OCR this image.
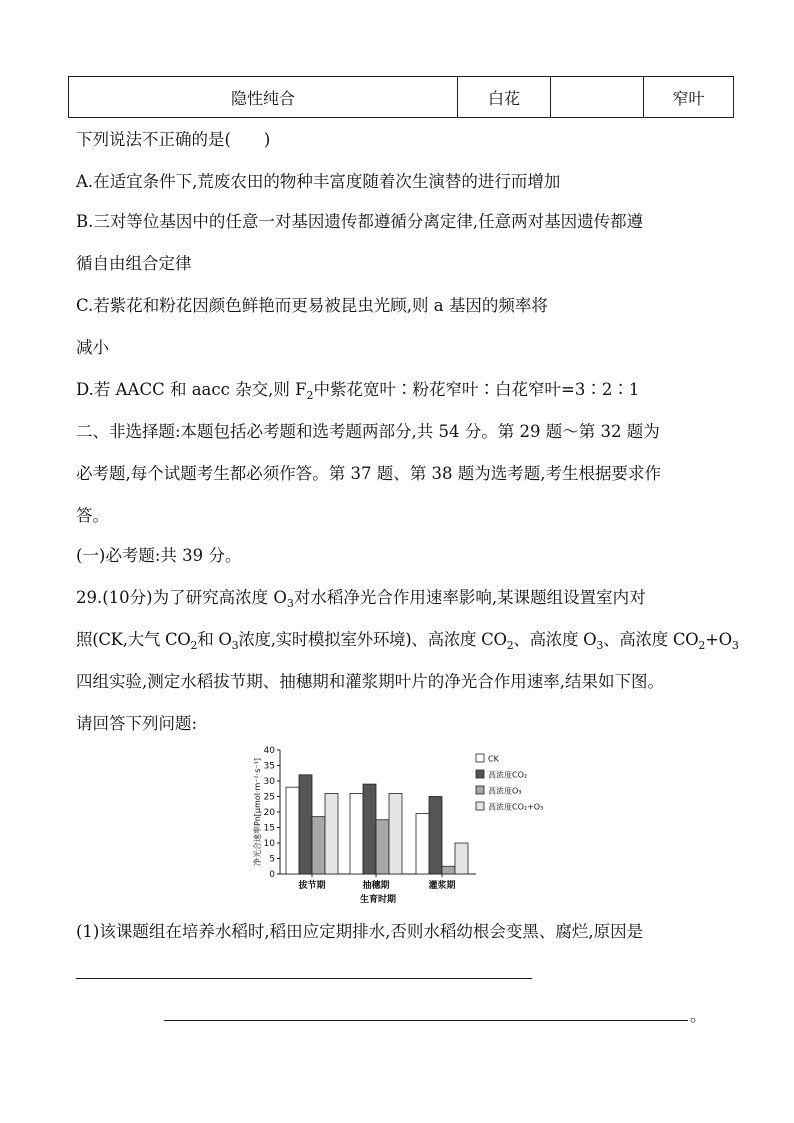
隐性纯合	白花		窄叶
下列说法不正确的是(　　)
A.在适宜条件下,荒废农田的物种丰富度随着次生演替的进行而增加
B.三对等位基因中的任意一对基因遗传都遵循分离定律,任意两对基因遗传都遵
循自由组合定律
C.若紫花和粉花因颜色鲜艳而更易被昆虫光顾,则 a 基因的频率将
减小
D.若 AACC 和 aacc 杂交,则 $F_2$中紫花宽叶∶粉花窄叶∶白花窄叶=3∶2∶1
二、非选择题:本题包括必考题和选考题两部分,共 54 分。第 29 题～第 32 题为
必考题,每个试题考生都必须作答。第 37 题、第 38 题为选考题,考生根据要求作
答。
(一)必考题:共 39 分。
29.(10分)为了研究高浓度 $O_3$对水稻净光合作用速率影响,某课题组设置室内对
照(CK,大气 $CO_2$和 $O_3$浓度,实时模拟室外环境)、高浓度 $CO_2$、高浓度 $O_3$、高浓度 $CO_2+O_3$
四组实验,测定水稻拔节期、抽穗期和灌浆期叶片的净光合作用速率,结果如下图。
请回答下列问题:
0
5
10
15
20
25
30
35
40
拔节期	抽穗期	灌浆期
生育时期
净光合速率Pn[μmol·m⁻²·s⁻¹]	CK
高浓度CO₂
高浓度O₃
高浓度CO₂+O₃
(1)该课题组在培养水稻时,稻田应定期排水,否则水稻幼根会变黑、腐烂,原因是
。
